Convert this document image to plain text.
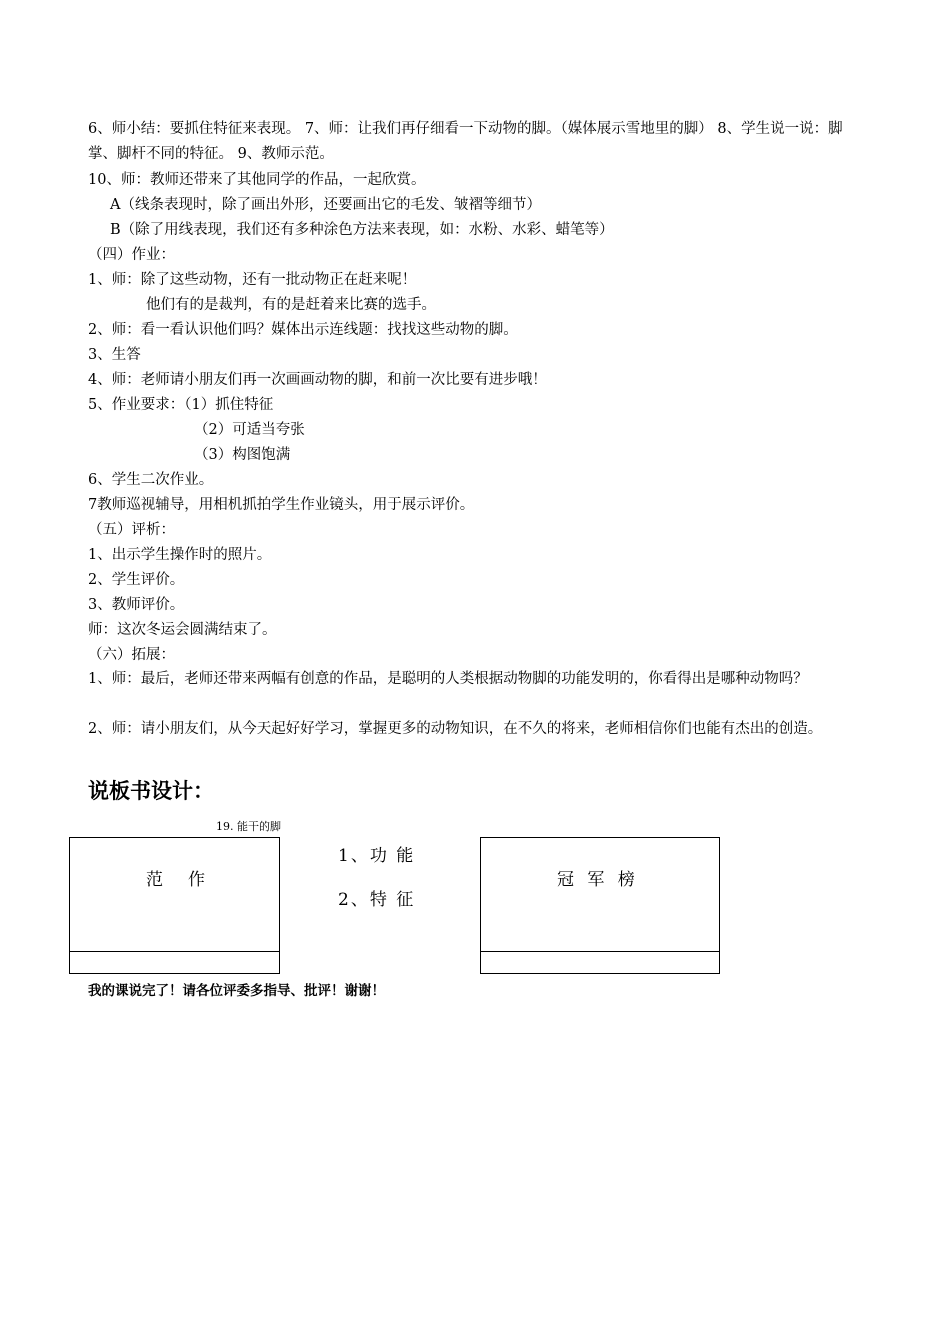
6、师小结：要抓住特征来表现。 7、师：让我们再仔细看一下动物的脚。（媒体展示雪地里的脚） 8、学生说一说：脚掌、脚杆不同的特征。 9、教师示范。
10、师：教师还带来了其他同学的作品，一起欣赏。
A（线条表现时，除了画出外形，还要画出它的毛发、皱褶等细节）
B（除了用线表现，我们还有多种涂色方法来表现，如：水粉、水彩、蜡笔等）
（四）作业：
1、师：除了这些动物，还有一批动物正在赶来呢！
他们有的是裁判，有的是赶着来比赛的选手。
2、师：看一看认识他们吗？媒体出示连线题：找找这些动物的脚。
3、生答
4、师：老师请小朋友们再一次画画动物的脚，和前一次比要有进步哦！
5、作业要求：（1）抓住特征
（2）可适当夸张
（3）构图饱满
6、学生二次作业。
7教师巡视辅导，用相机抓拍学生作业镜头，用于展示评价。
（五）评析：
1、出示学生操作时的照片。
2、学生评价。
3、教师评价。
师：这次冬运会圆满结束了。
（六）拓展：
1、师：最后，老师还带来两幅有创意的作品，是聪明的人类根据动物脚的功能发明的，你看得出是哪种动物吗？
2、师：请小朋友们，从今天起好好学习，掌握更多的动物知识，在不久的将来，老师相信你们也能有杰出的创造。
说板书设计：
19. 能干的脚
范　作
1、功 能
2、特 征
冠 军 榜
我的课说完了！请各位评委多指导、批评！谢谢！
